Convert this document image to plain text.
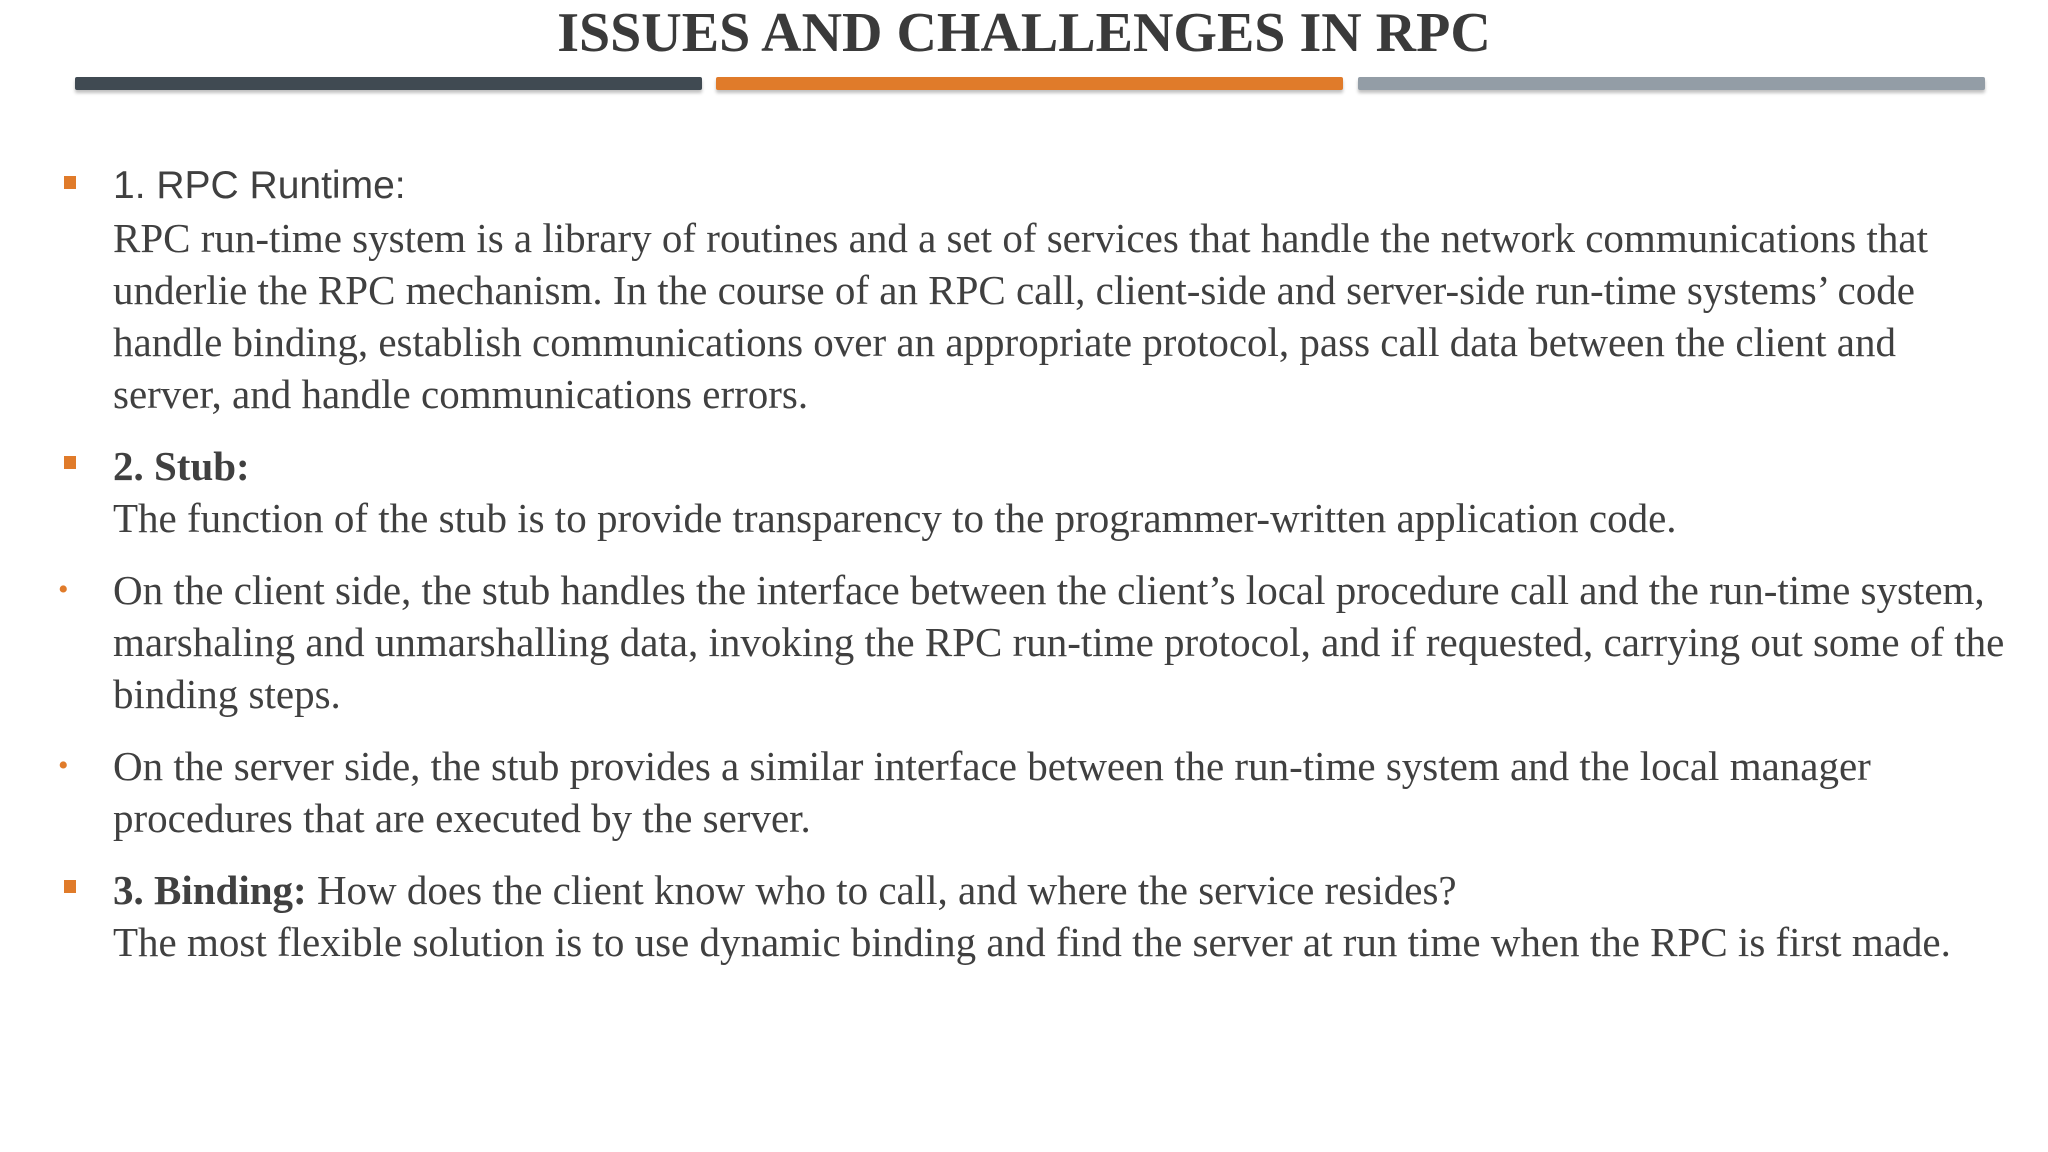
ISSUES AND CHALLENGES IN RPC

1. RPC Runtime:

RPC run-time system is a library of routines and a set of services that handle the network communications that underlie the RPC mechanism. In the course of an RPC call, client-side and server-side run-time systems’ code handle binding, establish communications over an appropriate protocol, pass call data between the client and server, and handle communications errors.

2. Stub:

The function of the stub is to provide transparency to the programmer-written application code.

• On the client side, the stub handles the interface between the client’s local procedure call and the run-time system, marshaling and unmarshalling data, invoking the RPC run-time protocol, and if requested, carrying out some of the binding steps.

• On the server side, the stub provides a similar interface between the run-time system and the local manager procedures that are executed by the server.

3. Binding: How does the client know who to call, and where the service resides?

The most flexible solution is to use dynamic binding and find the server at run time when the RPC is first made.
